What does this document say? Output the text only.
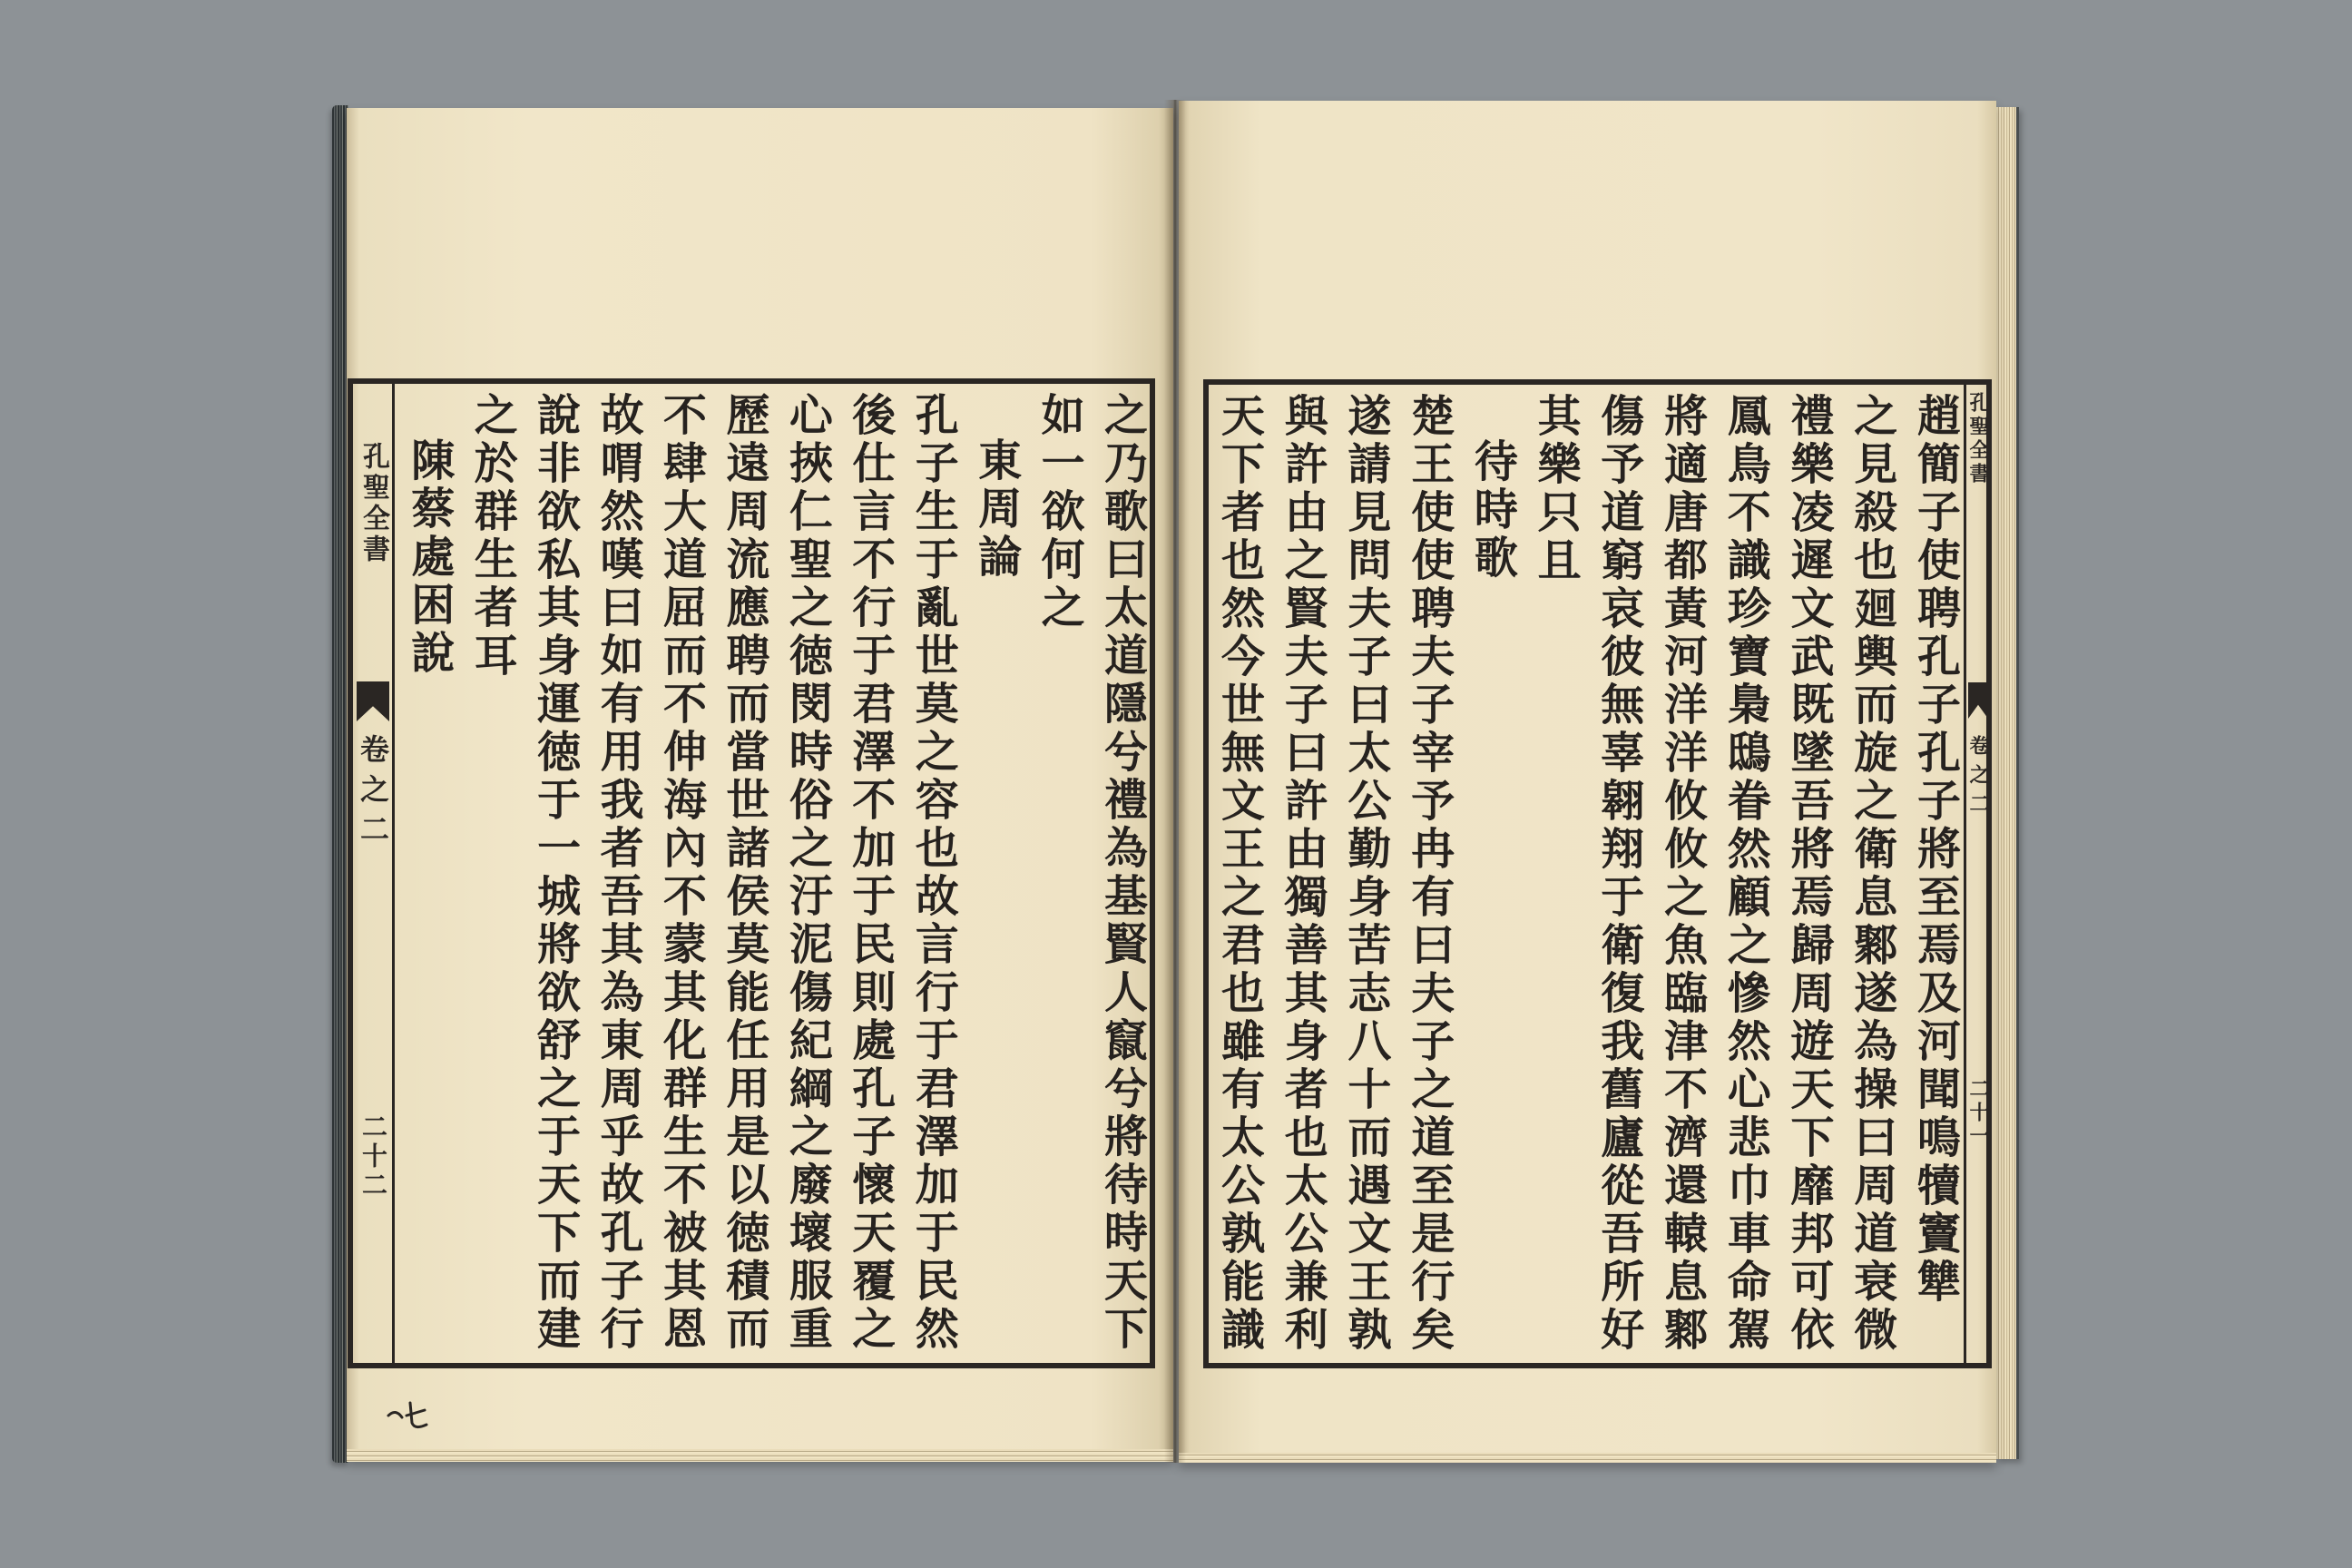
孔聖全書
卷之二
二十二	之乃歌曰太道隱兮禮為基賢人竄兮將待時天下
如一欲何之
東周論
孔子生于亂世莫之容也故言行于君澤加于民然
後仕言不行于君澤不加于民則處孔子懷天覆之
心挾仁聖之徳閔時俗之汙泥傷紀綱之廢壞服重
歷遠周流應聘而當世諸侯莫能任用是以徳積而
不肆大道屈而不伸海內不蒙其化群生不被其恩
故喟然嘆曰如有用我者吾其為東周乎故孔子行
說非欲私其身運徳于一城將欲舒之于天下而建
之於群生者耳
陳蔡處困說	孔聖全書
卷之二
二十一
趙簡子使聘孔子孔子將至焉及河聞鳴犢竇犨
之見殺也廻輿而旋之衛息鄹遂為操曰周道衰微
禮樂凌遲文武既墜吾將焉歸周遊天下靡邦可依
鳳鳥不識珍寶梟鴟眷然顧之慘然心悲巾車命駕
將適唐都黃河洋洋攸攸之魚臨津不濟還轅息鄹
傷予道窮哀彼無辜翱翔于衛復我舊廬從吾所好
其樂只且
待時歌
楚王使使聘夫子宰予冉有曰夫子之道至是行矣
遂請見問夫子曰太公勤身苦志八十而遇文王孰
與許由之賢夫子曰許由獨善其身者也太公兼利
天下者也然今世無文王之君也雖有太公孰能識
